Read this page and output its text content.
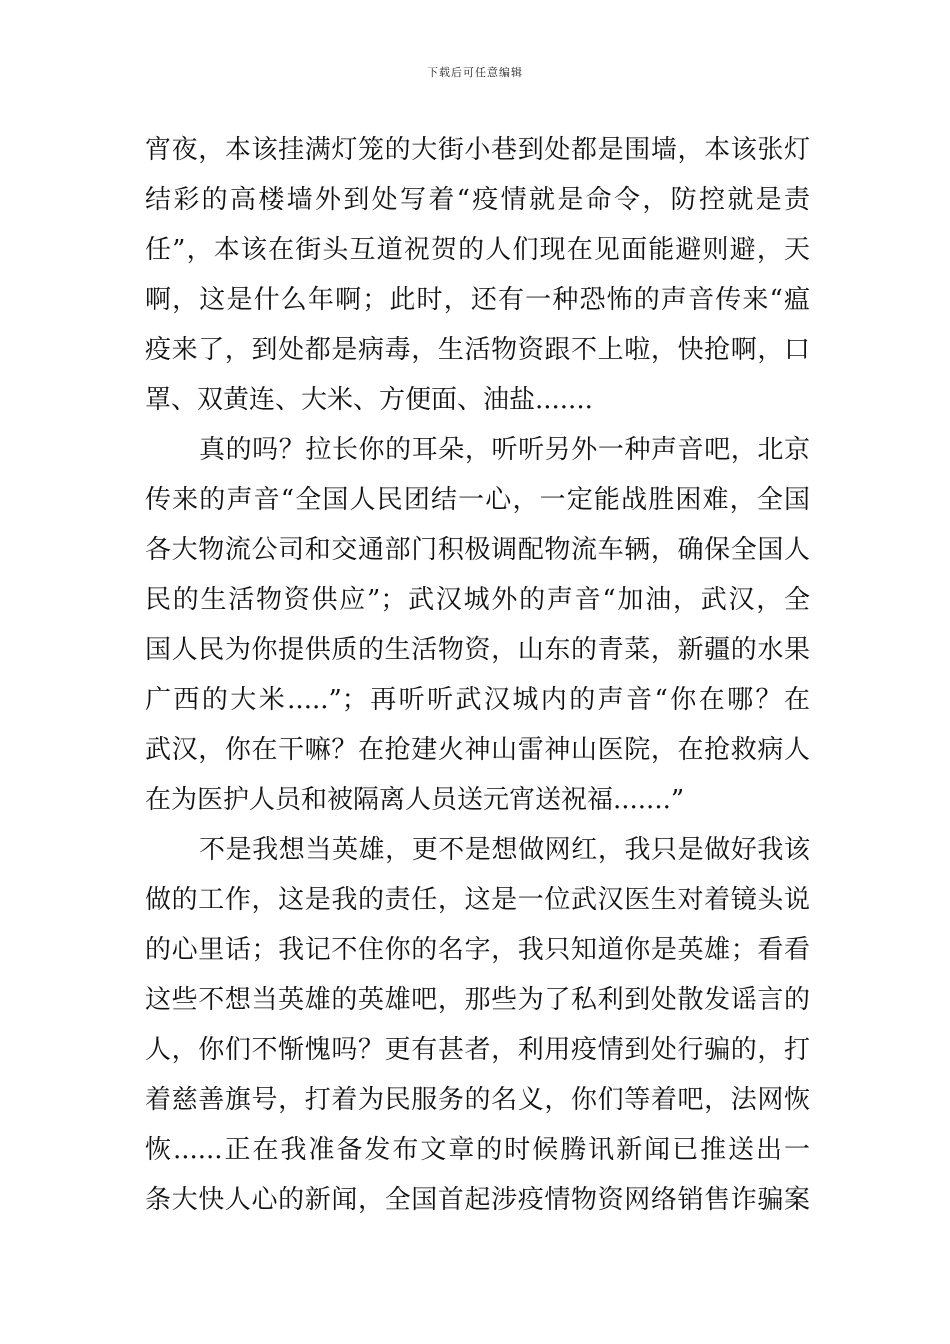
下载后可任意编辑
宵夜，本该挂满灯笼的大街小巷到处都是围墙，本该张灯
结彩的高楼墙外到处写着“疫情就是命令，防控就是责
任”，本该在街头互道祝贺的人们现在见面能避则避，天
啊，这是什么年啊；此时，还有一种恐怖的声音传来“瘟
疫来了，到处都是病毒，生活物资跟不上啦，快抢啊，口
罩、双黄连、大米、方便面、油盐.......
真的吗？拉长你的耳朵，听听另外一种声音吧，北京
传来的声音“全国人民团结一心，一定能战胜困难，全国
各大物流公司和交通部门积极调配物流车辆，确保全国人
民的生活物资供应”；武汉城外的声音“加油，武汉，全
国人民为你提供质的生活物资，山东的青菜，新疆的水果
广西的大米.....”；再听听武汉城内的声音“你在哪？在
武汉，你在干嘛？在抢建火神山雷神山医院，在抢救病人
在为医护人员和被隔离人员送元宵送祝福.......”
不是我想当英雄，更不是想做网红，我只是做好我该
做的工作，这是我的责任，这是一位武汉医生对着镜头说
的心里话；我记不住你的名字，我只知道你是英雄；看看
这些不想当英雄的英雄吧，那些为了私利到处散发谣言的
人，你们不惭愧吗？更有甚者，利用疫情到处行骗的，打
着慈善旗号，打着为民服务的名义，你们等着吧，法网恢
恢......正在我准备发布文章的时候腾讯新闻已推送出一
条大快人心的新闻，全国首起涉疫情物资网络销售诈骗案
